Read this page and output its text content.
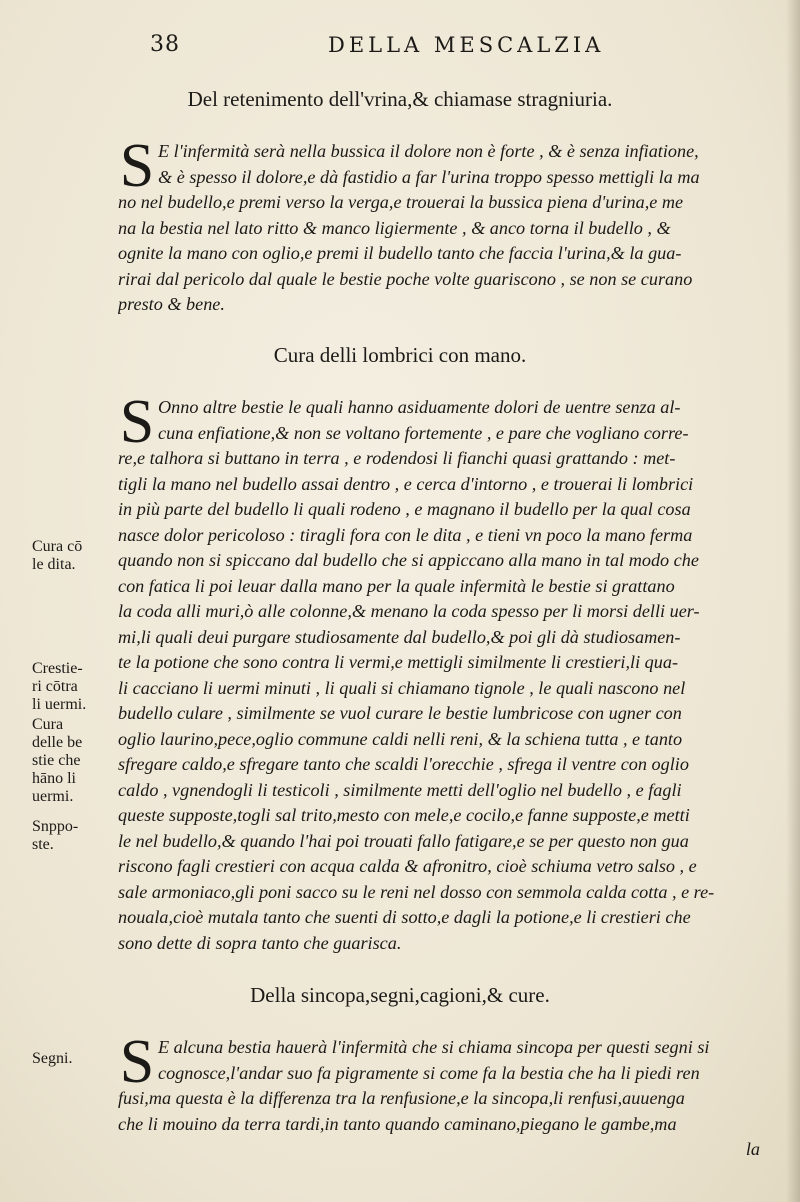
38	DELLA MESCALZIA
Del retenimento dell'vrina,& chiamase stragniuria.
S E l'infermità serà nella bussica il dolore non è forte , & è senza infiatione,
& è spesso il dolore,e dà fastidio a far l'urina troppo spesso mettigli la ma
no nel budello,e premi verso la verga,e trouerai la bussica piena d'urina,e me
na la bestia nel lato ritto & manco ligiermente , & anco torna il budello , &
ognite la mano con oglio,e premi il budello tanto che faccia l'urina,& la gua-
rirai dal pericolo dal quale le bestie poche volte guariscono , se non se curano
presto & bene.
Cura delli lombrici con mano.
S Onno altre bestie le quali hanno asiduamente dolori de uentre senza al-
cuna enfiatione,& non se voltano fortemente , e pare che vogliano corre-
re,e talhora si buttano in terra , e rodendosi li fianchi quasi grattando : met-
tigli la mano nel budello assai dentro , e cerca d'intorno , e trouerai li lombrici
in più parte del budello li quali rodeno , e magnano il budello per la qual cosa
nasce dolor pericoloso : tiragli fora con le dita , e tieni vn poco la mano ferma
quando non si spiccano dal budello che si appiccano alla mano in tal modo che
con fatica li poi leuar dalla mano per la quale infermità le bestie si grattano
la coda alli muri,ò alle colonne,& menano la coda spesso per li morsi delli uer-
mi,li quali deui purgare studiosamente dal budello,& poi gli dà studiosamen-
te la potione che sono contra li vermi,e mettigli similmente li crestieri,li qua-
li cacciano li uermi minuti , li quali si chiamano tignole , le quali nascono nel
budello culare , similmente se vuol curare le bestie lumbricose con ugner con
oglio laurino,pece,oglio commune caldi nelli reni, & la schiena tutta , e tanto
sfregare caldo,e sfregare tanto che scaldi l'orecchie , sfrega il ventre con oglio
caldo , vgnendogli li testicoli , similmente metti dell'oglio nel budello , e fagli
queste supposte,togli sal trito,mesto con mele,e cocilo,e fanne supposte,e metti
le nel budello,& quando l'hai poi trouati fallo fatigare,e se per questo non gua
riscono fagli crestieri con acqua calda & afronitro, cioè schiuma vetro salso , e
sale armoniaco,gli poni sacco su le reni nel dosso con semmola calda cotta , e re-
nouala,cioè mutala tanto che suenti di sotto,e dagli la potione,e li crestieri che
sono dette di sopra tanto che guarisca.
Della sincopa,segni,cagioni,& cure.
S E alcuna bestia hauerà l'infermità che si chiama sincopa per questi segni si
cognosce,l'andar suo fa pigramente si come fa la bestia che ha li piedi ren
fusi,ma questa è la differenza tra la renfusione,e la sincopa,li renfusi,auuenga
che li mouino da terra tardi,in tanto quando caminano,piegano le gambe,ma
la
Cura cō
le dita.
Crestie-
ri cōtra
li uermi.
Cura
delle be
stie che
hāno li
uermi.
Snppo-
ste.
Segni.
